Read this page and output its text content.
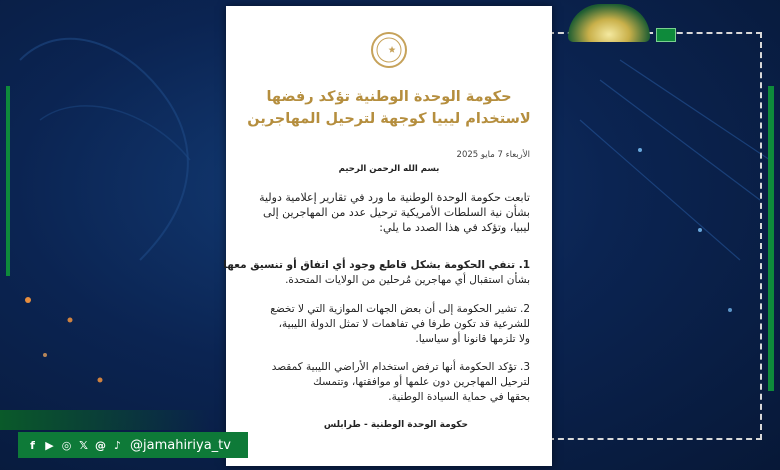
حكومة الوحدة الوطنية تؤكد رفضها
لاستخدام ليبيا كوجهة لترحيل المهاجرين
الأربعاء 7 مايو 2025
بسم الله الرحمن الرحيم
تابعت حكومة الوحدة الوطنية ما ورد في تقارير إعلامية دولية
بشأن نية السلطات الأمريكية ترحيل عدد من المهاجرين إلى
ليبيا، وتؤكد في هذا الصدد ما يلي:
1. تنفي الحكومة بشكل قاطع وجود أي اتفاق أو تنسيق معها
بشأن استقبال أي مهاجرين مُرحلين من الولايات المتحدة.
2. تشير الحكومة إلى أن بعض الجهات الموازية التي لا تخضع
للشرعية قد تكون طرفا في تفاهمات لا تمثل الدولة الليبية،
ولا تلزمها قانونا أو سياسيا.
3. تؤكد الحكومة أنها ترفض استخدام الأراضي الليبية كمقصد
لترحيل المهاجرين دون علمها أو موافقتها، وتتمسك
بحقها في حماية السيادة الوطنية.
حكومة الوحدة الوطنية - طرابلس
f ▶ ◎ 𝕏 @ ♪ @jamahiriya_tv
